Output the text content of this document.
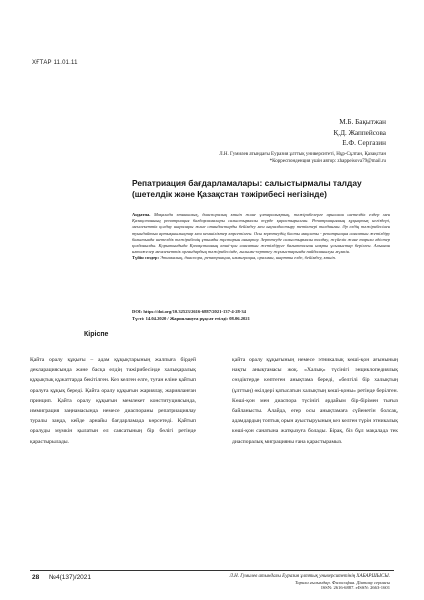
ХҒТАР 11.01.11
М.Б. Бақытжан
Қ.Д. Жаппейсова
Е.Ф. Сергазин
Л.Н. Гумилев атындағы Еуразия ұлттық университеті, Нұр-Сұлтан, Қазақстан
*Корреспонденция үшін автор: zhappeisova79@mail.ru
Репатриация бағдарламалары: салыстырмалы талдау
(шетелдік және Қазақстан тәжірибесі негізінде)
Аңдатпа. Мақалада этникалық, диаспоралық көшіп және ұлтаралықтық, тәжірибелерге арналған шетелдік елдер мен Қазақстанның репатриация бағдарламалары салыстырмалы түрде қарастырылған. Репатриацияның құқықтық негіздері, мемлекеттік қолдау шаралары және отандастарды бейімдеу мен ықпалдастыру тетіктері талданған. Әр елдің тәжірибесінен туындайтын артықшылықтар мен кемшіліктер көрсетілген. Осы зерттеудің басты мақсаты - репатриация саясатын жетілдіру бағытында шетелдік тәжірибенің ұтымды тұстарын анықтау. Зерттеуде салыстырмалы талдау, жүйелік және тарихи әдістер қолданылды. Қорытындыда Қазақстанның көші-қон саясатын жетілдіруге бағытталған нақты ұсыныстар берілген. Алынған нәтижелер мемлекеттік органдардың тәжірибесінде, ғылыми-зерттеу жұмыстарында пайдаланылуы мүмкін.
Түйін сөздер: Этникалық, диаспора, репатриация, иммиграция, оралман, шартты елде, бейімдеу, көшіп.
DOI: https://doi.org/10.32523/2616-6887/2021-137-4-28-34
Түсті: 14.04.2020 / Жариялануға рұқсат етілді: 08.06.2021
Кіріспе
Қайта оралу құқығы – адам құқықтарының жалпыға бірдей декларациясында және басқа елдің тәжірибесінде халықаралық құқықтық құжаттарда бекітілген. Кез келген елге, туған еліне қайтып оралуға құқық береді. Қайта оралу құқығын жариялау, жарияланған принцип. Қайта оралу құқығын мемлекет конституциясында, иммиграция заңнамасында немесе диаспораны репатриациялау туралы заңда, кейде арнайы бағдарламада көрсетеді. Қайтып оралуды мүмкін қылатын ел саясатының бір бөлігі ретінде қарастырылады.
қайта оралу құқығының немесе этникалық көші-қон ағынының нақты анықтамасы жоқ. «Халық» түсінігі энциклопедиялық сөздіктерде көптеген анықтама береді, «белгілі бір халықтың (ұлттың) өкілдері қатысатын халықтың көші-қоны» ретінде берілген. Көші-қон мен диаспора түсінігі әрдайым бір-бірімен тығыз байланысты. Алайда, егер осы анықтамаға сүйенетін болсақ, адамдардың топтық орын ауыстыруының кез келген түрін этникалық көші-қон санатына жатқызуға болады. Бірақ, біз бұл мақалада тек диаспоралық миграцияны ғана қарастырамыз.
28 №4(137)/2021	Л.Н. Гумилев атындағы Еуразия ұлттық университетінің ХАБАРШЫСЫ.
Тарихи ғылымдар. Философия. Дінтану сериясы
ISSN: 2616-6887. eISSN: 2663-1601
